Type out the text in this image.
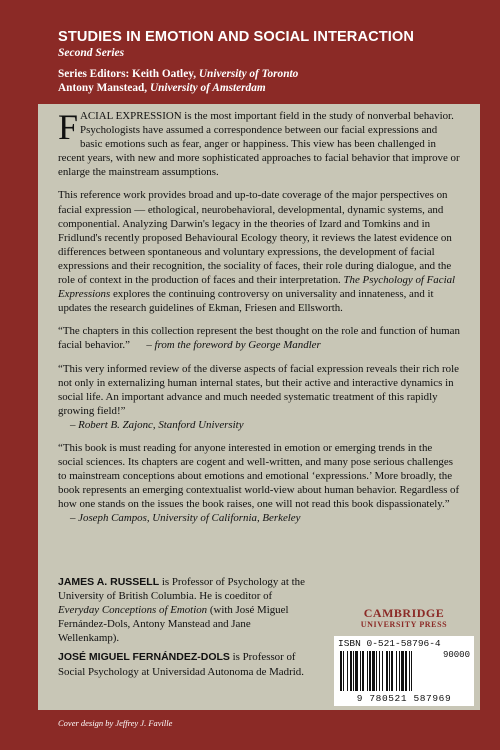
STUDIES IN EMOTION AND SOCIAL INTERACTION
Second Series
Series Editors: Keith Oatley, University of Toronto
Antony Manstead, University of Amsterdam

FACIAL EXPRESSION is the most important field in the study of nonverbal behavior. Psychologists have assumed a correspondence between our facial expressions and basic emotions such as fear, anger or happiness. This view has been challenged in recent years, with new and more sophisticated approaches to facial behavior that improve or enlarge the mainstream assumptions.

This reference work provides broad and up-to-date coverage of the major perspectives on facial expression — ethological, neurobehavioral, developmental, dynamic systems, and componential. Analyzing Darwin's legacy in the theories of Izard and Tomkins and in Fridlund's recently proposed Behavioural Ecology theory, it reviews the latest evidence on differences between spontaneous and voluntary expressions, the development of facial expressions and their recognition, the sociality of faces, their role during dialogue, and the role of context in the production of faces and their interpretation. The Psychology of Facial Expressions explores the continuing controversy on universality and innateness, and it updates the research guidelines of Ekman, Friesen and Ellsworth.

“The chapters in this collection represent the best thought on the role and function of human facial behavior.” – from the foreword by George Mandler

“This very informed review of the diverse aspects of facial expression reveals their rich role not only in externalizing human internal states, but their active and interactive dynamics in social life. An important advance and much needed systematic treatment of this rapidly growing field!”
– Robert B. Zajonc, Stanford University

“This book is must reading for anyone interested in emotion or emerging trends in the social sciences. Its chapters are cogent and well-written, and many pose serious challenges to mainstream conceptions about emotions and emotional ‘expressions.’ More broadly, the book represents an emerging contextualist world-view about human behavior. Regardless of how one stands on the issues the book raises, one will not read this book dispassionately.”
– Joseph Campos, University of California, Berkeley

JAMES A. RUSSELL is Professor of Psychology at the University of British Columbia. He is coeditor of Everyday Conceptions of Emotion (with José Miguel Fernández-Dols, Antony Manstead and Jane Wellenkamp).

JOSÉ MIGUEL FERNÁNDEZ-DOLS is Professor of Social Psychology at Universidad Autonoma de Madrid.

CAMBRIDGE
UNIVERSITY PRESS
ISBN 0-521-58796-4
90000
9 780521 587969
Cover design by Jeffrey J. Faville
